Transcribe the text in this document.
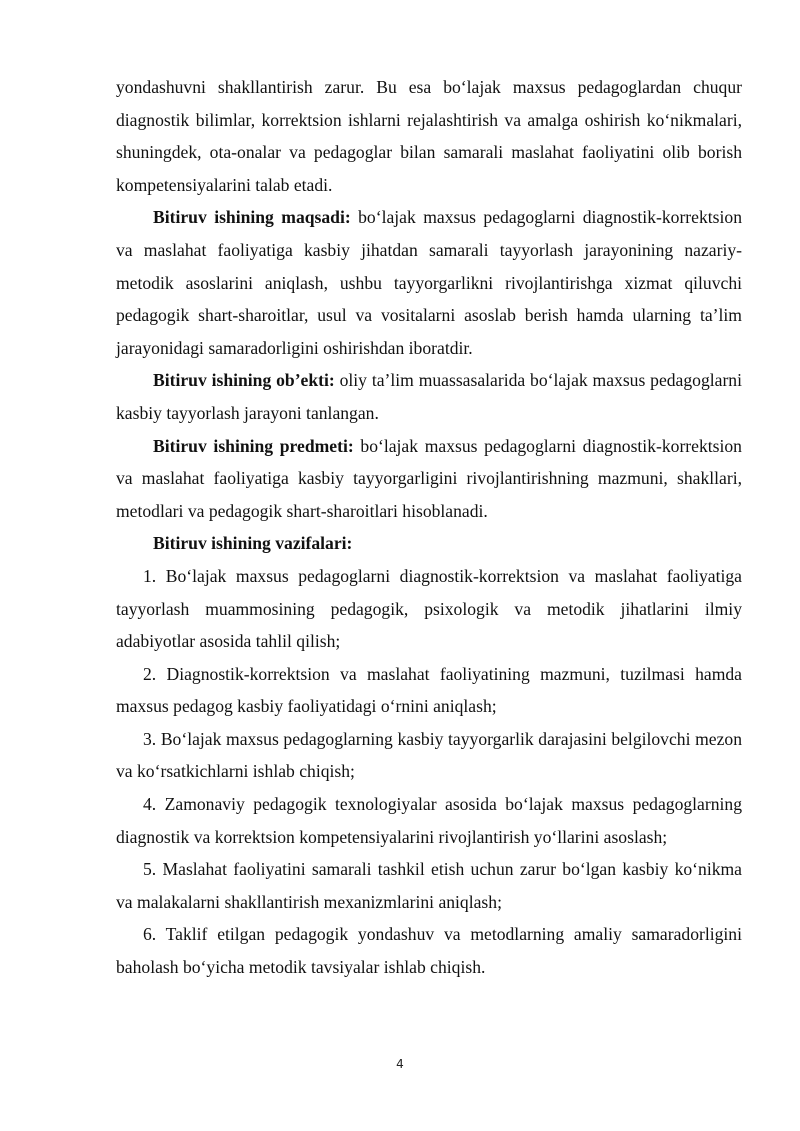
yondashuvni shakllantirish zarur. Bu esa bo‘lajak maxsus pedagoglardan chuqur diagnostik bilimlar, korrektsion ishlarni rejalashtirish va amalga oshirish ko‘nikmalari, shuningdek, ota-onalar va pedagoglar bilan samarali maslahat faoliyatini olib borish kompetensiyalarini talab etadi.

Bitiruv ishining maqsadi: bo‘lajak maxsus pedagoglarni diagnostik-korrektsion va maslahat faoliyatiga kasbiy jihatdan samarali tayyorlash jarayonining nazariy-metodik asoslarini aniqlash, ushbu tayyorgarlikni rivojlantirishga xizmat qiluvchi pedagogik shart-sharoitlar, usul va vositalarni asoslab berish hamda ularning ta’lim jarayonidagi samaradorligini oshirishdan iboratdir.

Bitiruv ishining ob’ekti: oliy ta’lim muassasalarida bo‘lajak maxsus pedagoglarni kasbiy tayyorlash jarayoni tanlangan.

Bitiruv ishining predmeti: bo‘lajak maxsus pedagoglarni diagnostik-korrektsion va maslahat faoliyatiga kasbiy tayyorgarligini rivojlantirishning mazmuni, shakllari, metodlari va pedagogik shart-sharoitlari hisoblanadi.

Bitiruv ishining vazifalari:

1. Bo‘lajak maxsus pedagoglarni diagnostik-korrektsion va maslahat faoliyatiga tayyorlash muammosining pedagogik, psixologik va metodik jihatlarini ilmiy adabiyotlar asosida tahlil qilish;

2. Diagnostik-korrektsion va maslahat faoliyatining mazmuni, tuzilmasi hamda maxsus pedagog kasbiy faoliyatidagi o‘rnini aniqlash;

3. Bo‘lajak maxsus pedagoglarning kasbiy tayyorgarlik darajasini belgilovchi mezon va ko‘rsatkichlarni ishlab chiqish;

4. Zamonaviy pedagogik texnologiyalar asosida bo‘lajak maxsus pedagoglarning diagnostik va korrektsion kompetensiyalarini rivojlantirish yo‘llarini asoslash;

5. Maslahat faoliyatini samarali tashkil etish uchun zarur bo‘lgan kasbiy ko‘nikma va malakalarni shakllantirish mexanizmlarini aniqlash;

6. Taklif etilgan pedagogik yondashuv va metodlarning amaliy samaradorligini baholash bo‘yicha metodik tavsiyalar ishlab chiqish.

4
